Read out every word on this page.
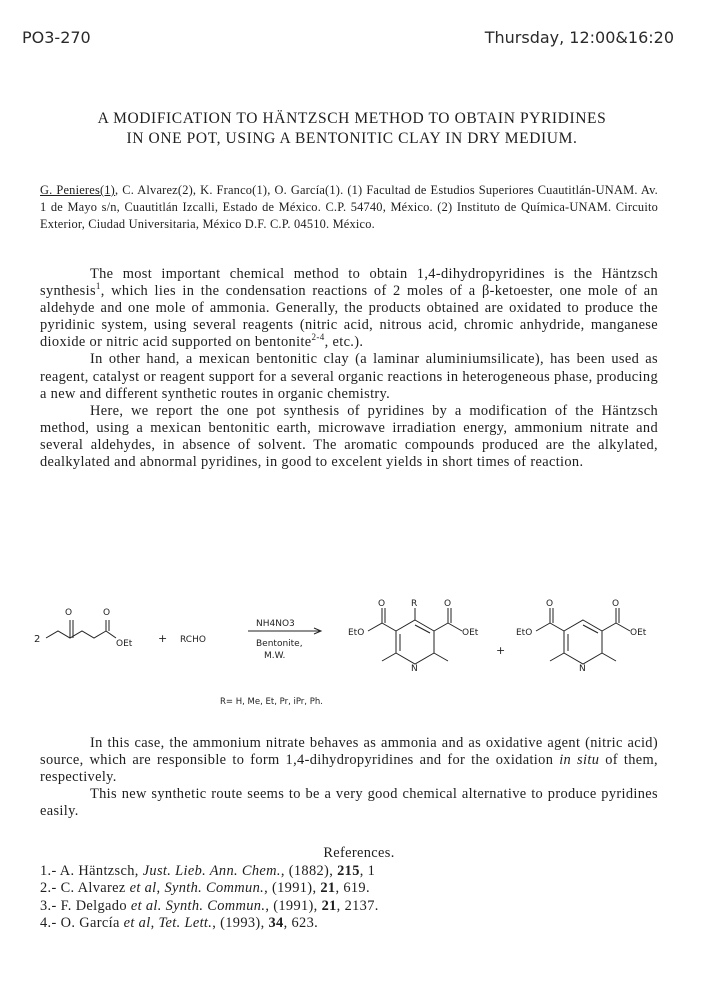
PO3-270	Thursday, 12:00&16:20
A MODIFICATION TO HÄNTZSCH METHOD TO OBTAIN PYRIDINES
IN ONE POT, USING A BENTONITIC CLAY IN DRY MEDIUM.
G. Penieres(1), C. Alvarez(2), K. Franco(1), O. García(1). (1) Facultad de Estudios Superiores Cuautitlán-UNAM. Av. 1 de Mayo s/n, Cuautitlán Izcalli, Estado de México. C.P. 54740, México. (2) Instituto de Química-UNAM. Circuito Exterior, Ciudad Universitaria, México D.F. C.P. 04510. México.

The most important chemical method to obtain 1,4-dihydropyridines is the Häntzsch synthesis$^1$, which lies in the condensation reactions of 2 moles of a β-ketoester, one mole of an aldehyde and one mole of ammonia. Generally, the products obtained are oxidated to produce the pyridinic system, using several reagents (nitric acid, nitrous acid, chromic anhydride, manganese dioxide or nitric acid supported on bentonite$^{2-4}$, etc.).

In other hand, a mexican bentonitic clay (a laminar aluminiumsilicate), has been used as reagent, catalyst or reagent support for a several organic reactions in heterogeneous phase, producing a new and different synthetic routes in organic chemistry.

Here, we report the one pot synthesis of pyridines by a modification of the Häntzsch method, using a mexican bentonitic earth, microwave irradiation energy, ammonium nitrate and several aldehydes, in absence of solvent. The aromatic compounds produced are the alkylated, dealkylated and abnormal pyridines, in good to excelent yields in short times of reaction.

2
O	O
OEt + RCHO
NH4NO3
Bentonite,
M.W.
O	R	O
EtO	OEt
N
+
O	O
EtO	OEt
N
R= H, Me, Et, Pr, iPr, Ph.

In this case, the ammonium nitrate behaves as ammonia and as oxidative agent (nitric acid) source, which are responsible to form 1,4-dihydropyridines and for the oxidation in situ of them, respectively.

This new synthetic route seems to be a very good chemical alternative to produce pyridines easily.

References.
1.- A. Häntzsch, Just. Lieb. Ann. Chem., (1882), 215, 1
2.- C. Alvarez et al, Synth. Commun., (1991), 21, 619.
3.- F. Delgado et al. Synth. Commun., (1991), 21, 2137.
4.- O. García et al, Tet. Lett., (1993), 34, 623.
